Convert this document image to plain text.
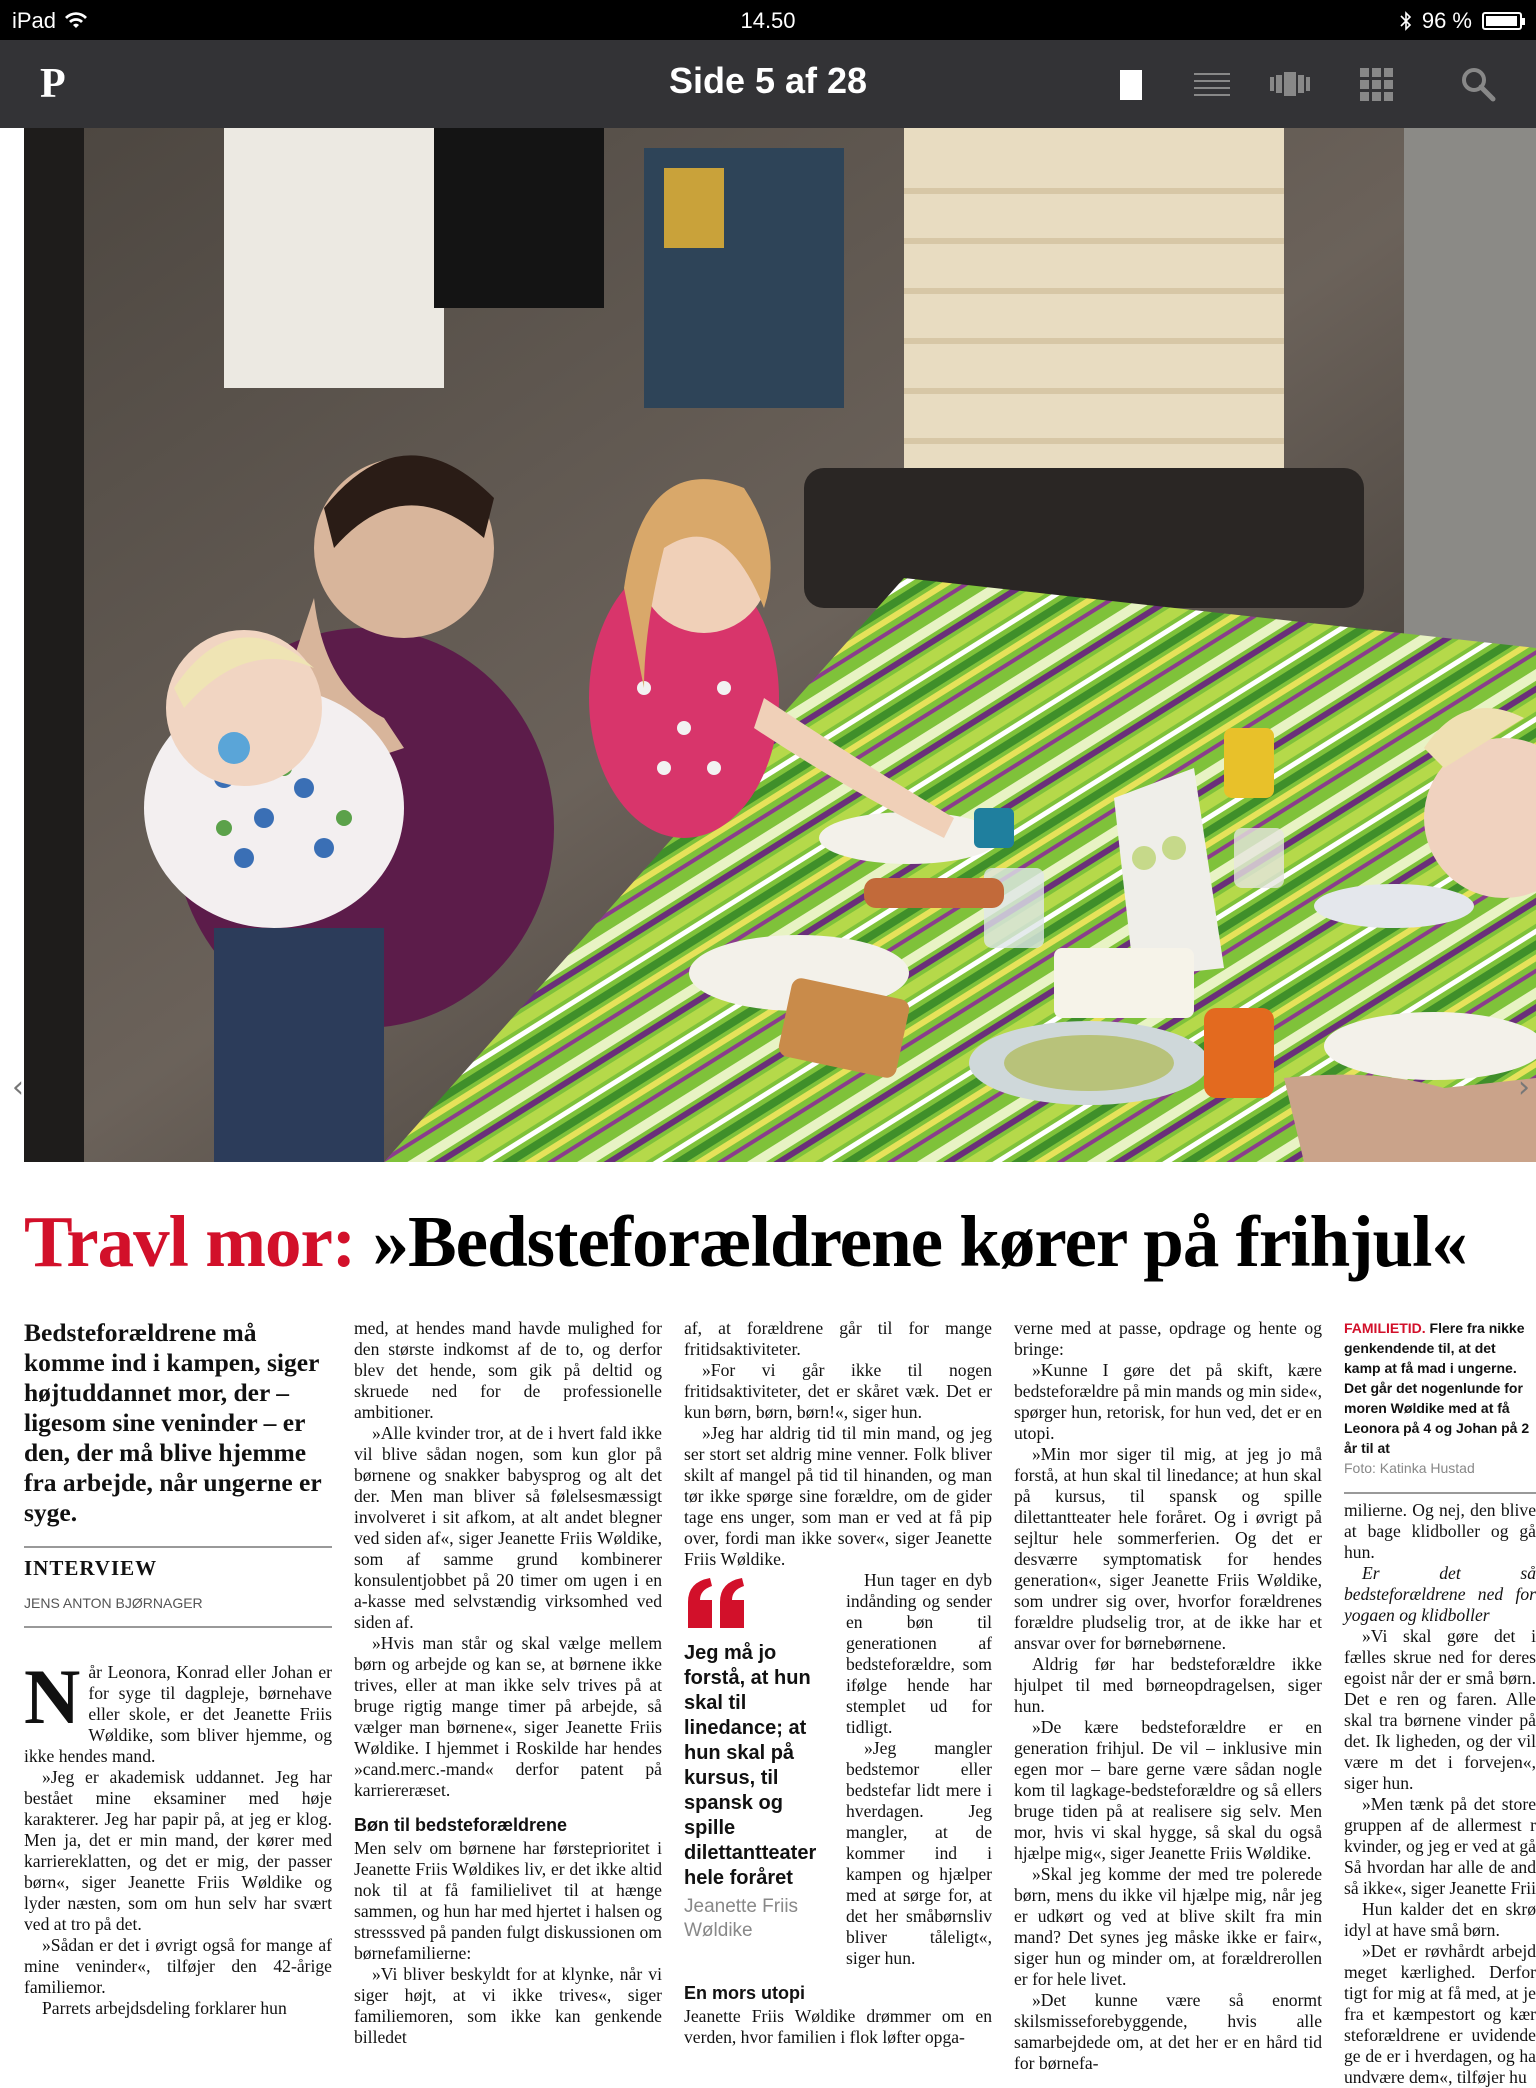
iPad	14.50	96 %
P	Side 5 af 28
‹	›
Travl mor: »Bedsteforældrene kører på frihjul«
Bedsteforældrene må komme ind i kampen, siger højtuddannet mor, der – ligesom sine veninder – er den, der må blive hjemme fra arbejde, når ungerne er syge.
INTERVIEW
JENS ANTON BJØRNAGER
N år Leonora, Konrad eller Johan er for syge til dagpleje, børnehave eller skole, er det Jeanette Friis Wøldike, som bliver hjemme, og ikke hendes mand.

»Jeg er akademisk uddannet. Jeg har bestået mine eksaminer med høje karakterer. Jeg har papir på, at jeg er klog. Men ja, det er min mand, der kører med karriereklatten, og det er mig, der passer børn«, siger Jeanette Friis Wøldike og lyder næsten, som om hun selv har svært ved at tro på det.

»Sådan er det i øvrigt også for mange af mine veninder«, tilføjer den 42-årige familiemor.

Parrets arbejdsdeling forklarer hun

med, at hendes mand havde mulighed for den største indkomst af de to, og derfor blev det hende, som gik på deltid og skruede ned for de professionelle ambitioner.

»Alle kvinder tror, at de i hvert fald ikke vil blive sådan nogen, som kun glor på børnene og snakker babysprog og alt det der. Men man bliver så følelsesmæssigt involveret i sit afkom, at alt andet blegner ved siden af«, siger Jeanette Friis Wøldike, som af samme grund kombinerer konsulentjobbet på 20 timer om ugen i en a-kasse med selvstændig virksomhed ved siden af.

»Hvis man står og skal vælge mellem børn og arbejde og kan se, at børnene ikke trives, eller at man ikke selv trives på at bruge rigtig mange timer på arbejde, så vælger man børnene«, siger Jeanette Friis Wøldike. I hjemmet i Roskilde har hendes »cand.merc.-mand« derfor patent på karriereræset.

Bøn til bedsteforældrene

Men selv om børnene har førsteprioritet i Jeanette Friis Wøldikes liv, er det ikke altid nok til at få familielivet til at hænge sammen, og hun har med hjertet i halsen og stresssved på panden fulgt diskussionen om børnefamilierne:

»Vi bliver beskyldt for at klynke, når vi siger højt, at vi ikke trives«, siger familiemoren, som ikke kan genkende billedet

af, at forældrene går til for mange fritidsaktiviteter.

»For vi går ikke til nogen fritidsaktiviteter, det er skåret væk. Det er kun børn, børn, børn!«, siger hun.

»Jeg har aldrig tid til min mand, og jeg ser stort set aldrig mine venner. Folk bliver skilt af mangel på tid til hinanden, og man tør ikke spørge sine forældre, om de gider tage ens unger, som man er ved at få pip over, fordi man ikke sover«, siger Jeanette Friis Wøldike.

Jeg må jo forstå, at hun skal til linedance; at hun skal på kursus, til spansk og spille dilettantteater hele foråret
Jeanette Friis Wøldike

Hun tager en dyb indånding og sender en bøn til generationen af bedsteforældre, som ifølge hende har stemplet ud for tidligt.

»Jeg mangler bedstemor eller bedstefar lidt mere i hverdagen. Jeg mangler, at de kommer ind i kampen og hjælper med at sørge for, at det her småbørnsliv bliver tåleligt«, siger hun.

En mors utopi

Jeanette Friis Wøldike drømmer om en verden, hvor familien i flok løfter opga-

verne med at passe, opdrage og hente og bringe:

»Kunne I gøre det på skift, kære bedsteforældre på min mands og min side«, spørger hun, retorisk, for hun ved, det er en utopi.

»Min mor siger til mig, at jeg jo må forstå, at hun skal til linedance; at hun skal på kursus, til spansk og spille dilettantteater hele foråret. Og i øvrigt på sejltur hele sommerferien. Og det er desværre symptomatisk for hendes generation«, siger Jeanette Friis Wøldike, som undrer sig over, hvorfor forældrenes forældre pludselig tror, at de ikke har et ansvar over for børnebørnene.

Aldrig før har bedsteforældre ikke hjulpet til med børneopdragelsen, siger hun.

»De kære bedsteforældre er en generation frihjul. De vil – inklusive min egen mor – bare gerne være sådan nogle kom til lagkage-bedsteforældre og så ellers bruge tiden på at realisere sig selv. Men mor, hvis vi skal hygge, så skal du også hjælpe mig«, siger Jeanette Friis Wøldike.

»Skal jeg komme der med tre polerede børn, mens du ikke vil hjælpe mig, når jeg er udkørt og ved at blive skilt fra min mand? Det synes jeg måske ikke er fair«, siger hun og minder om, at forældrerollen er for hele livet.

»Det kunne være så enormt skilsmisseforebyggende, hvis alle samarbejdede om, at det her er en hård tid for børnefa-

FAMILIETID. Flere fra nikke genkendende til, at det kamp at få mad i ungerne. Det går det nogenlunde for moren Wøldike med at få Leonora på 4 og Johan på 2 år til at
Foto: Katinka Hustad

milierne. Og nej, den blive at bage klidboller og gå hun.

Er det så bedsteforældrene ned for yogaen og klidboller

»Vi skal gøre det i fælles skrue ned for deres egoist når der er små børn. Det e ren og faren. Alle skal tra børnene vinder på det. Ik ligheden, og der vil være m det i forvejen«, siger hun.

»Men tænk på det store gruppen af de allermest r kvinder, og jeg er ved at gå Så hvordan har alle de and så ikke«, siger Jeanette Frii

Hun kalder det en skrø idyl at have små børn.

»Det er røvhårdt arbejd meget kærlighed. Derfor tigt for mig at få med, at je fra et kæmpestort og kær steforældrene er uvidende ge de er i hverdagen, og ha undværе dem«, tilføjer hu
